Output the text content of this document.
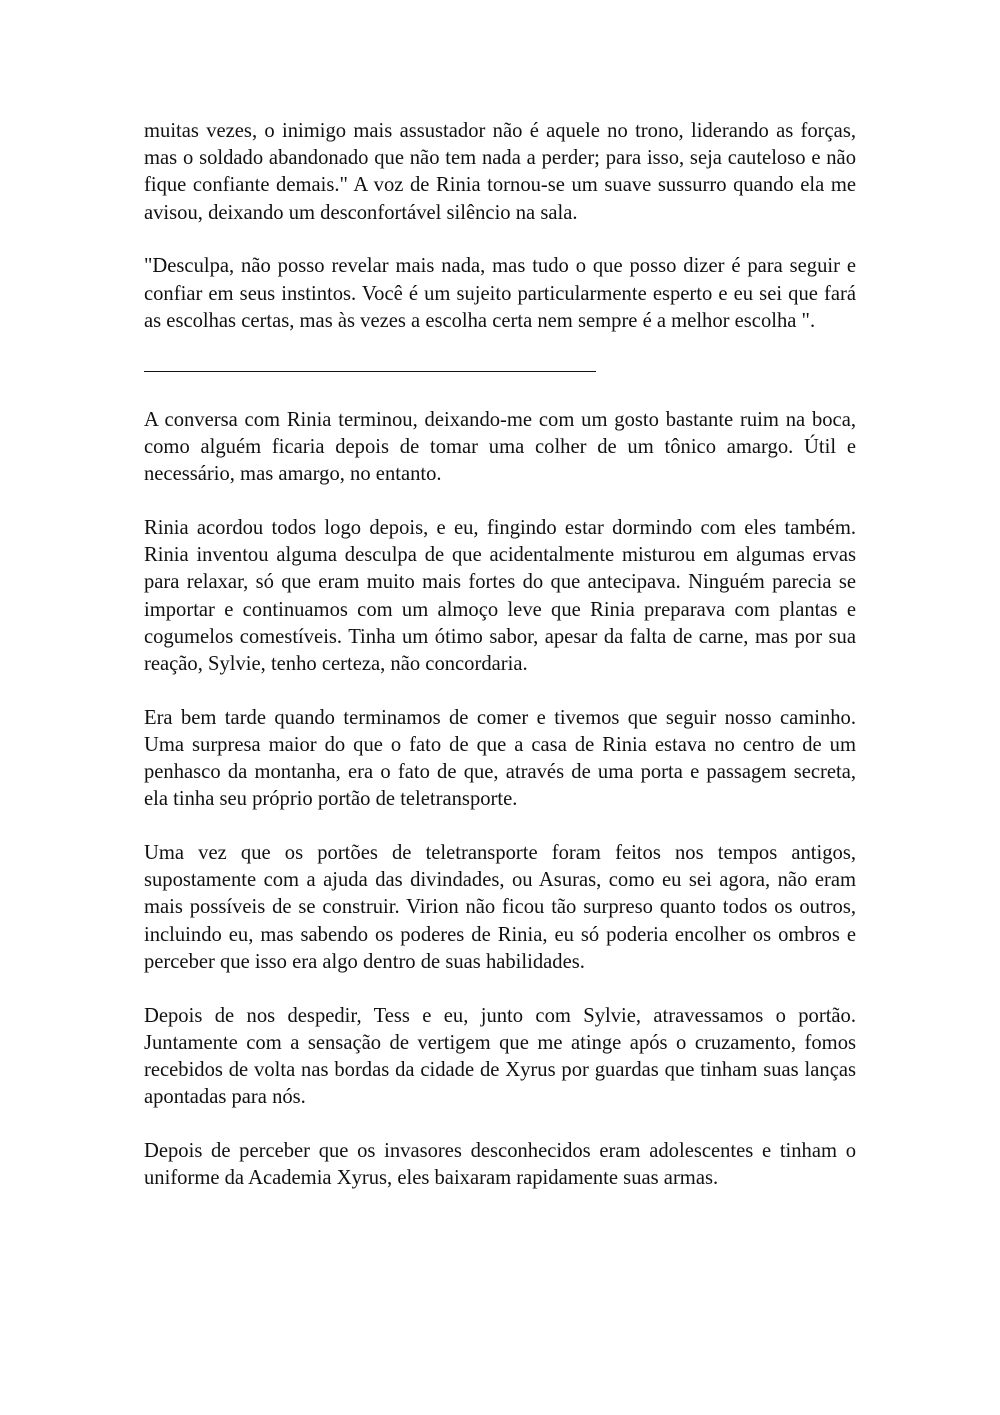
muitas vezes, o inimigo mais assustador não é aquele no trono, liderando as forças, mas o soldado abandonado que não tem nada a perder; para isso, seja cauteloso e não fique confiante demais." A voz de Rinia tornou-se um suave sussurro quando ela me avisou, deixando um desconfortável silêncio na sala.

"Desculpa, não posso revelar mais nada, mas tudo o que posso dizer é para seguir e confiar em seus instintos. Você é um sujeito particularmente esperto e eu sei que fará as escolhas certas, mas às vezes a escolha certa nem sempre é a melhor escolha ".

A conversa com Rinia terminou, deixando-me com um gosto bastante ruim na boca, como alguém ficaria depois de tomar uma colher de um tônico amargo. Útil e necessário, mas amargo, no entanto.

Rinia acordou todos logo depois, e eu, fingindo estar dormindo com eles também. Rinia inventou alguma desculpa de que acidentalmente misturou em algumas ervas para relaxar, só que eram muito mais fortes do que antecipava. Ninguém parecia se importar e continuamos com um almoço leve que Rinia preparava com plantas e cogumelos comestíveis. Tinha um ótimo sabor, apesar da falta de carne, mas por sua reação, Sylvie, tenho certeza, não concordaria.

Era bem tarde quando terminamos de comer e tivemos que seguir nosso caminho. Uma surpresa maior do que o fato de que a casa de Rinia estava no centro de um penhasco da montanha, era o fato de que, através de uma porta e passagem secreta, ela tinha seu próprio portão de teletransporte.

Uma vez que os portões de teletransporte foram feitos nos tempos antigos, supostamente com a ajuda das divindades, ou Asuras, como eu sei agora, não eram mais possíveis de se construir. Virion não ficou tão surpreso quanto todos os outros, incluindo eu, mas sabendo os poderes de Rinia, eu só poderia encolher os ombros e perceber que isso era algo dentro de suas habilidades.

Depois de nos despedir, Tess e eu, junto com Sylvie, atravessamos o portão. Juntamente com a sensação de vertigem que me atinge após o cruzamento, fomos recebidos de volta nas bordas da cidade de Xyrus por guardas que tinham suas lanças apontadas para nós.

Depois de perceber que os invasores desconhecidos eram adolescentes e tinham o uniforme da Academia Xyrus, eles baixaram rapidamente suas armas.
